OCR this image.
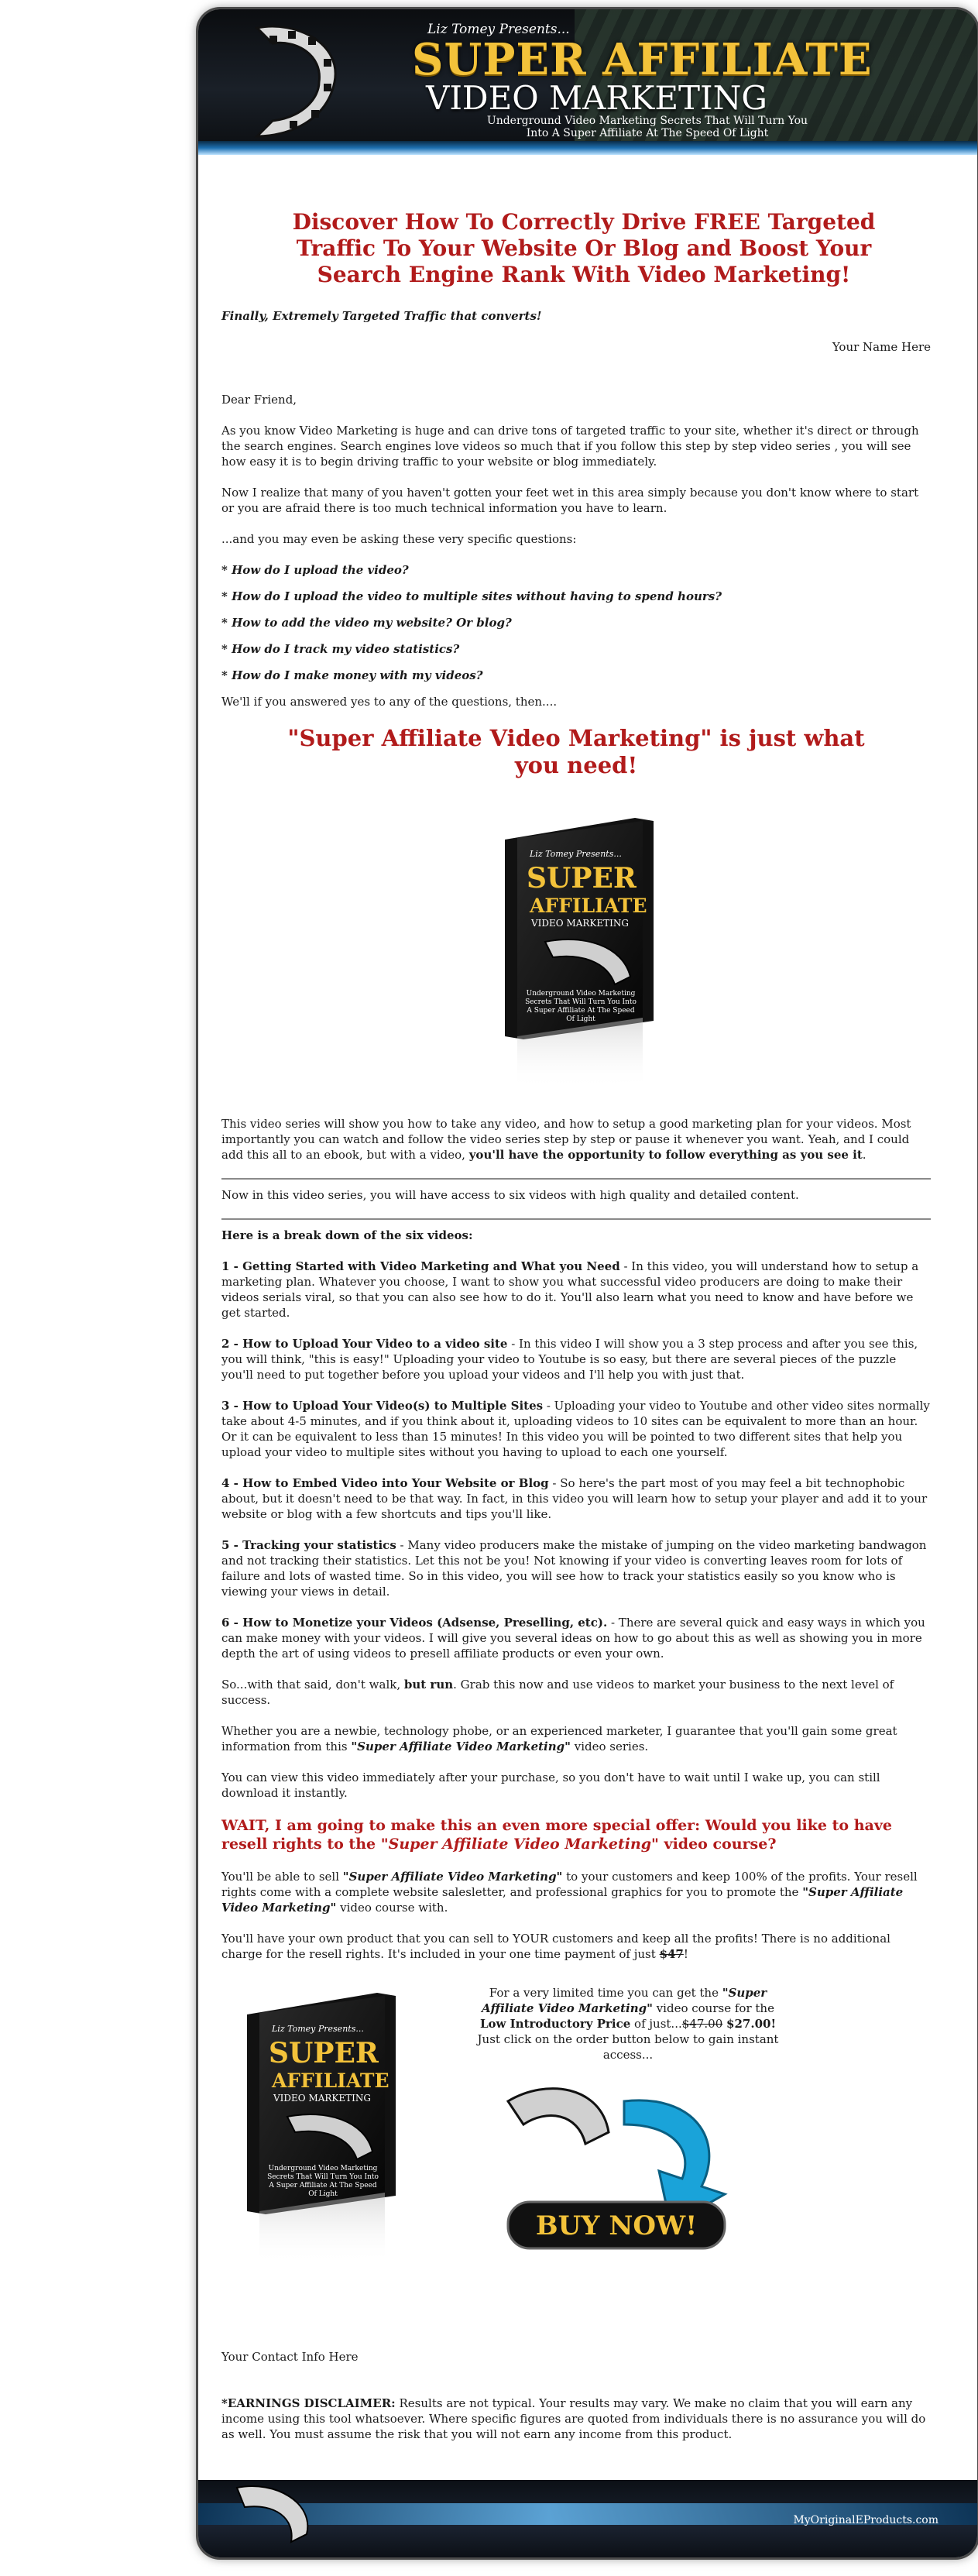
Liz Tomey Presents...
SUPER AFFILIATE
VIDEO MARKETING
Underground Video Marketing Secrets That Will Turn You
Into A Super Affiliate At The Speed Of Light
Discover How To Correctly Drive FREE Targeted Traffic To Your Website Or Blog and Boost Your Search Engine Rank With Video Marketing!
Finally, Extremely Targeted Traffic that converts!
Your Name Here

Dear Friend,

As you know Video Marketing is huge and can drive tons of targeted traffic to your site, whether it's direct or through the search engines. Search engines love videos so much that if you follow this step by step video series , you will see how easy it is to begin driving traffic to your website or blog immediately.

Now I realize that many of you haven't gotten your feet wet in this area simply because you don't know where to start or you are afraid there is too much technical information you have to learn.

...and you may even be asking these very specific questions:

* How do I upload the video?
* How do I upload the video to multiple sites without having to spend hours?
* How to add the video my website? Or blog?
* How do I track my video statistics?
* How do I make money with my videos?

We'll if you answered yes to any of the questions, then....

"Super Affiliate Video Marketing" is just what you need!
Liz Tomey Presents...
SUPER
AFFILIATE
VIDEO MARKETING
Underground Video Marketing Secrets That Will Turn You Into A Super Affiliate At The Speed Of Light

This video series will show you how to take any video, and how to setup a good marketing plan for your videos. Most importantly you can watch and follow the video series step by step or pause it whenever you want. Yeah, and I could add this all to an ebook, but with a video, you'll have the opportunity to follow everything as you see it.

Now in this video series, you will have access to six videos with high quality and detailed content.

Here is a break down of the six videos:

1 - Getting Started with Video Marketing and What you Need - In this video, you will understand how to setup a marketing plan. Whatever you choose, I want to show you what successful video producers are doing to make their videos serials viral, so that you can also see how to do it. You'll also learn what you need to know and have before we get started.

2 - How to Upload Your Video to a video site - In this video I will show you a 3 step process and after you see this, you will think, "this is easy!" Uploading your video to Youtube is so easy, but there are several pieces of the puzzle you'll need to put together before you upload your videos and I'll help you with just that.

3 - How to Upload Your Video(s) to Multiple Sites - Uploading your video to Youtube and other video sites normally take about 4-5 minutes, and if you think about it, uploading videos to 10 sites can be equivalent to more than an hour. Or it can be equivalent to less than 15 minutes! In this video you will be pointed to two different sites that help you upload your video to multiple sites without you having to upload to each one yourself.

4 - How to Embed Video into Your Website or Blog - So here's the part most of you may feel a bit technophobic about, but it doesn't need to be that way. In fact, in this video you will learn how to setup your player and add it to your website or blog with a few shortcuts and tips you'll like.

5 - Tracking your statistics - Many video producers make the mistake of jumping on the video marketing bandwagon and not tracking their statistics. Let this not be you! Not knowing if your video is converting leaves room for lots of failure and lots of wasted time. So in this video, you will see how to track your statistics easily so you know who is viewing your views in detail.

6 - How to Monetize your Videos (Adsense, Preselling, etc). - There are several quick and easy ways in which you can make money with your videos. I will give you several ideas on how to go about this as well as showing you in more depth the art of using videos to presell affiliate products or even your own.

So...with that said, don't walk, but run. Grab this now and use videos to market your business to the next level of success.

Whether you are a newbie, technology phobe, or an experienced marketer, I guarantee that you'll gain some great information from this "Super Affiliate Video Marketing" video series.

You can view this video immediately after your purchase, so you don't have to wait until I wake up, you can still download it instantly.

WAIT, I am going to make this an even more special offer: Would you like to have resell rights to the "Super Affiliate Video Marketing" video course?

You'll be able to sell "Super Affiliate Video Marketing" to your customers and keep 100% of the profits. Your resell rights come with a complete website salesletter, and professional graphics for you to promote the "Super Affiliate Video Marketing" video course with.

You'll have your own product that you can sell to YOUR customers and keep all the profits! There is no additional charge for the resell rights. It's included in your one time payment of just $47!

Liz Tomey Presents...
SUPER
AFFILIATE
VIDEO MARKETING
Underground Video Marketing Secrets That Will Turn You Into A Super Affiliate At The Speed Of Light
For a very limited time you can get the "Super Affiliate Video Marketing" video course for the Low Introductory Price of just...$47.00 $27.00! Just click on the order button below to gain instant access...
BUY NOW!

Your Contact Info Here

*EARNINGS DISCLAIMER: Results are not typical. Your results may vary. We make no claim that you will earn any income using this tool whatsoever. Where specific figures are quoted from individuals there is no assurance you will do as well. You must assume the risk that you will not earn any income from this product.

MyOriginalEProducts.com
